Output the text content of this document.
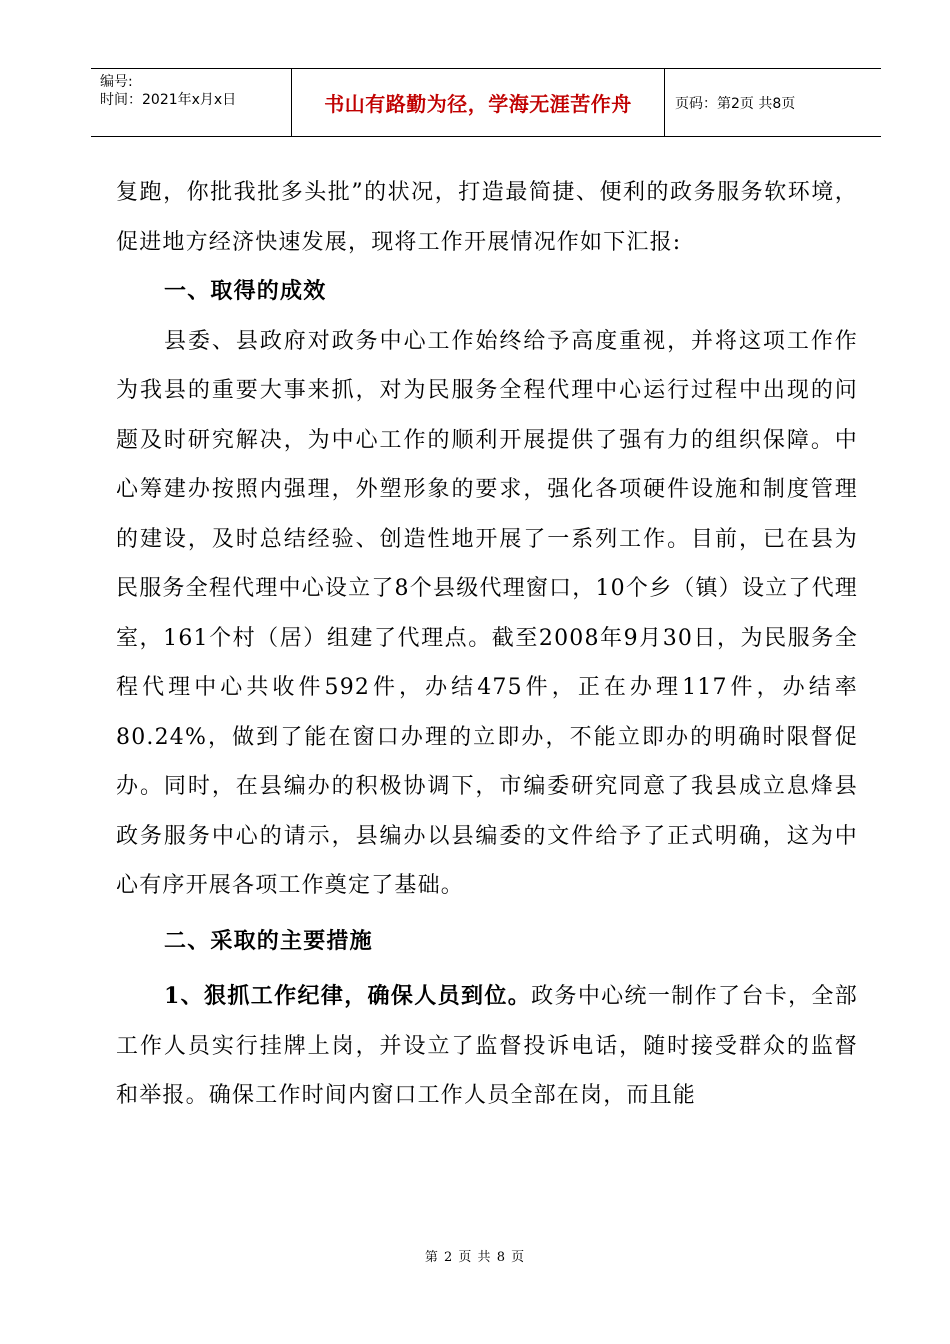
编号:
时间：2021年x月x日	书山有路勤为径，学海无涯苦作舟	页码：第2页 共8页

复跑，你批我批多头批”的状况，打造最简捷、便利的政务服务软环境，促进地方经济快速发展，现将工作开展情况作如下汇报:

一、取得的成效

县委、县政府对政务中心工作始终给予高度重视，并将这项工作作为我县的重要大事来抓，对为民服务全程代理中心运行过程中出现的问题及时研究解决，为中心工作的顺利开展提供了强有力的组织保障。中心筹建办按照内强理，外塑形象的要求，强化各项硬件设施和制度管理的建设，及时总结经验、创造性地开展了一系列工作。目前，已在县为民服务全程代理中心设立了8个县级代理窗口，10个乡（镇）设立了代理室，161个村（居）组建了代理点。截至2008年9月30日，为民服务全程代理中心共收件592件，办结475件，正在办理117件，办结率80.24%，做到了能在窗口办理的立即办，不能立即办的明确时限督促办。同时，在县编办的积极协调下，市编委研究同意了我县成立息烽县政务服务中心的请示，县编办以县编委的文件给予了正式明确，这为中心有序开展各项工作奠定了基础。

二、采取的主要措施

1、狠抓工作纪律，确保人员到位。政务中心统一制作了台卡，全部工作人员实行挂牌上岗，并设立了监督投诉电话，随时接受群众的监督和举报。确保工作时间内窗口工作人员全部在岗，而且能

第 2 页 共 8 页
